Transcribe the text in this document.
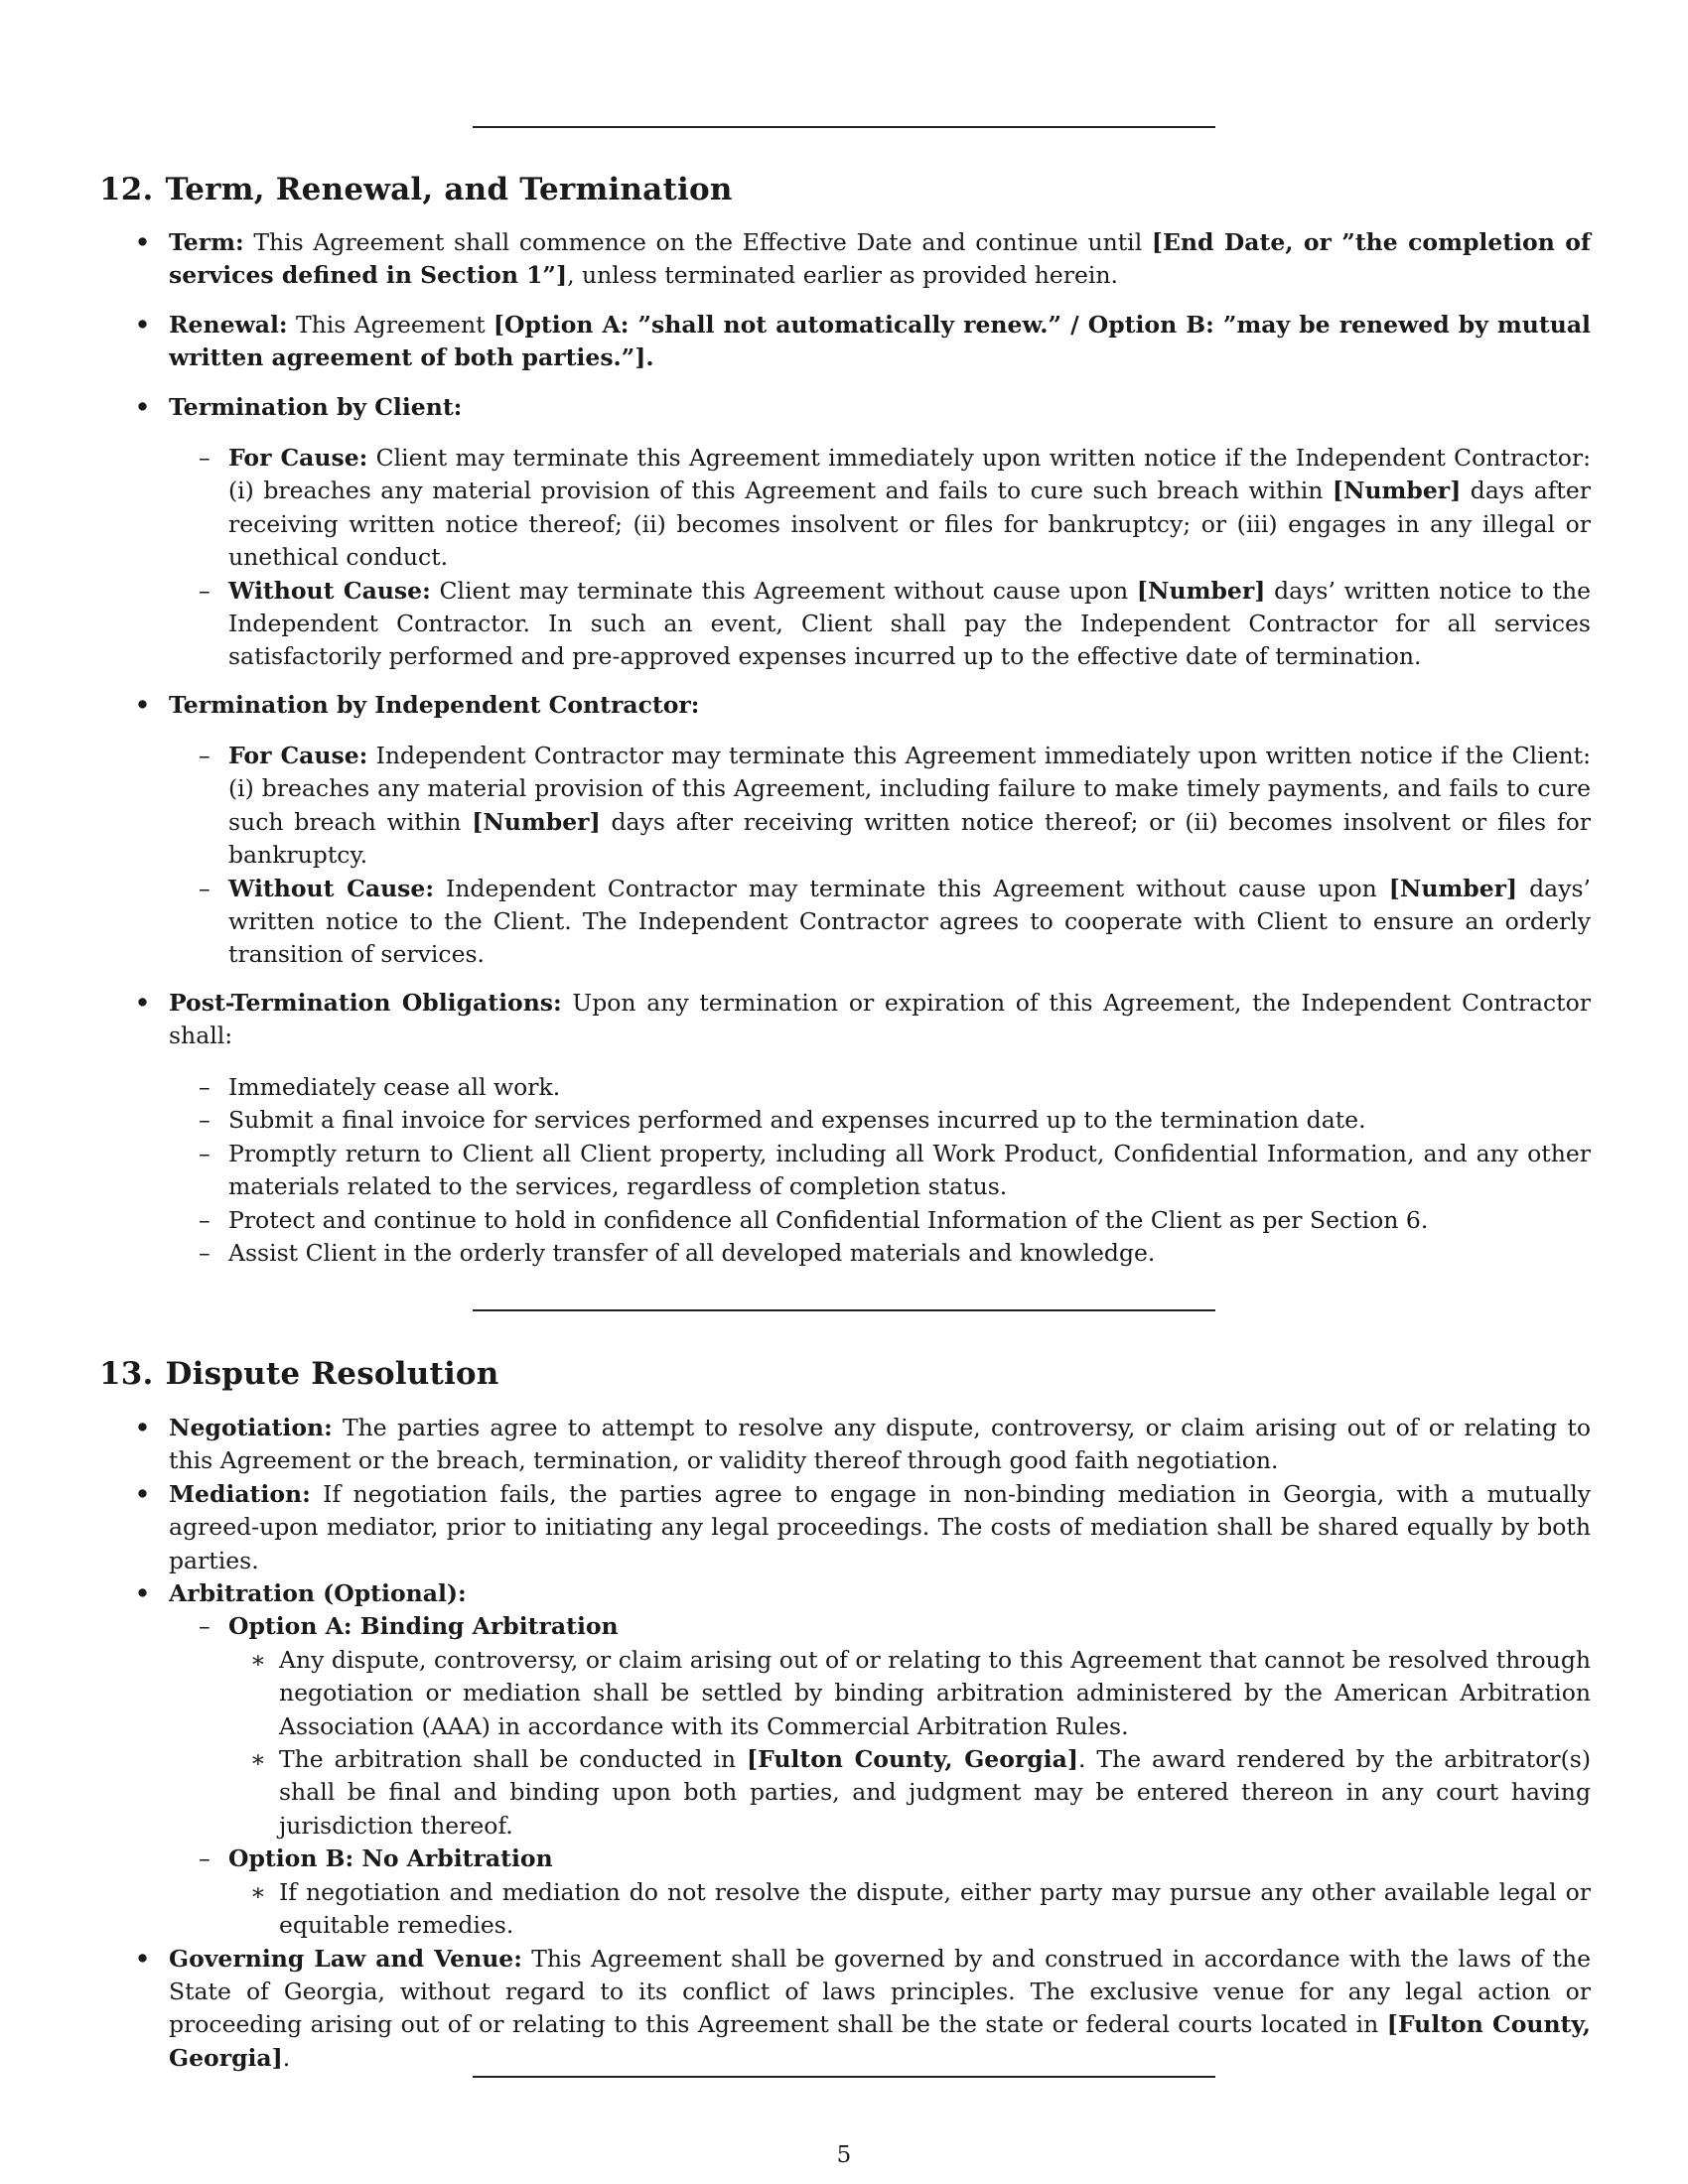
12. Term, Renewal, and Termination
• Term: This Agreement shall commence on the Effective Date and continue until [End Date, or ”the completion of services defined in Section 1”], unless terminated earlier as provided herein.
• Renewal: This Agreement [Option A: ”shall not automatically renew.” / Option B: ”may be renewed by mutual written agreement of both parties.”].
• Termination by Client:
– For Cause: Client may terminate this Agreement immediately upon written notice if the Independent Contractor: (i) breaches any material provision of this Agreement and fails to cure such breach within [Number] days after receiving written notice thereof; (ii) becomes insolvent or files for bankruptcy; or (iii) engages in any illegal or unethical conduct.
– Without Cause: Client may terminate this Agreement without cause upon [Number] days’ written notice to the Independent Contractor. In such an event, Client shall pay the Independent Contractor for all services satisfactorily performed and pre-approved expenses incurred up to the effective date of termination.
• Termination by Independent Contractor:
– For Cause: Independent Contractor may terminate this Agreement immediately upon written notice if the Client: (i) breaches any material provision of this Agreement, including failure to make timely payments, and fails to cure such breach within [Number] days after receiving written notice thereof; or (ii) becomes insolvent or files for bankruptcy.
– Without Cause: Independent Contractor may terminate this Agreement without cause upon [Number] days’ written notice to the Client. The Independent Contractor agrees to cooperate with Client to ensure an orderly transition of services.
• Post-Termination Obligations: Upon any termination or expiration of this Agreement, the Independent Contractor shall:
– Immediately cease all work.
– Submit a final invoice for services performed and expenses incurred up to the termination date.
– Promptly return to Client all Client property, including all Work Product, Confidential Information, and any other materials related to the services, regardless of completion status.
– Protect and continue to hold in confidence all Confidential Information of the Client as per Section 6.
– Assist Client in the orderly transfer of all developed materials and knowledge.
13. Dispute Resolution
• Negotiation: The parties agree to attempt to resolve any dispute, controversy, or claim arising out of or relating to this Agreement or the breach, termination, or validity thereof through good faith negotiation.
• Mediation: If negotiation fails, the parties agree to engage in non-binding mediation in Georgia, with a mutually agreed-upon mediator, prior to initiating any legal proceedings. The costs of mediation shall be shared equally by both parties.
• Arbitration (Optional):
– Option A: Binding Arbitration
∗ Any dispute, controversy, or claim arising out of or relating to this Agreement that cannot be resolved through negotiation or mediation shall be settled by binding arbitration administered by the American Arbitration Association (AAA) in accordance with its Commercial Arbitration Rules.
∗ The arbitration shall be conducted in [Fulton County, Georgia]. The award rendered by the arbitrator(s) shall be final and binding upon both parties, and judgment may be entered thereon in any court having jurisdiction thereof.
– Option B: No Arbitration
∗ If negotiation and mediation do not resolve the dispute, either party may pursue any other available legal or equitable remedies.
• Governing Law and Venue: This Agreement shall be governed by and construed in accordance with the laws of the State of Georgia, without regard to its conflict of laws principles. The exclusive venue for any legal action or proceeding arising out of or relating to this Agreement shall be the state or federal courts located in [Fulton County, Georgia].
5
